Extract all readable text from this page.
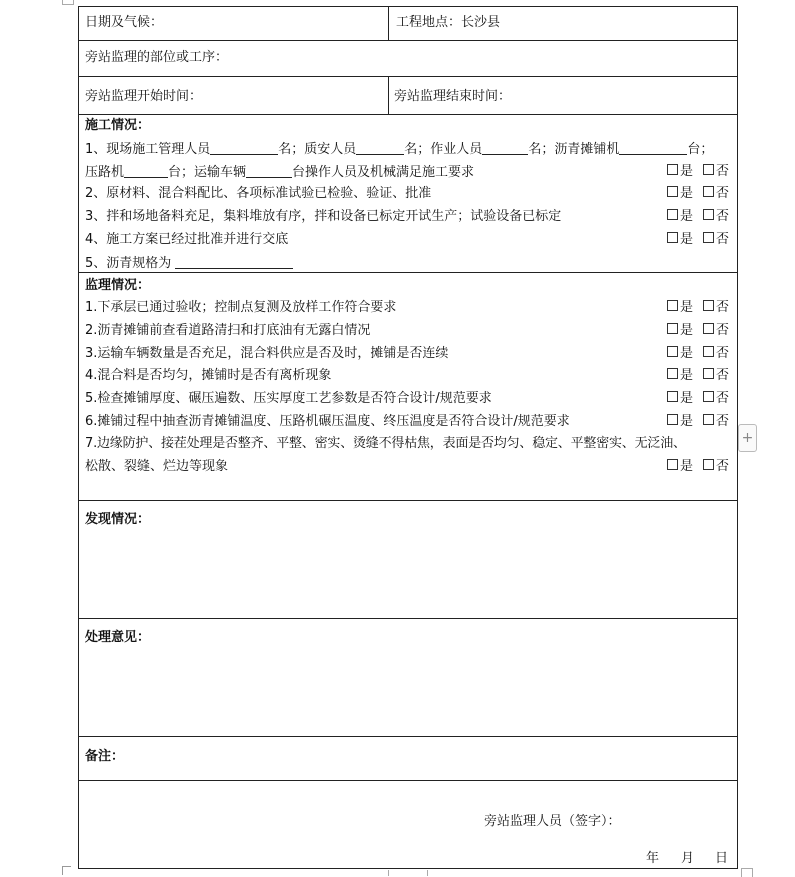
日期及气候：	工程地点：长沙县
旁站监理的部位或工序：
旁站监理开始时间：	旁站监理结束时间：
施工情况：
1、现场施工管理人员	名；质安人员	名；作业人员	名；沥青摊铺机	台；
压路机	台；运输车辆	台操作人员及机械满足施工要求	是 否
2、原材料、混合料配比、各项标准试验已检验、验证、批准	是 否
3、拌和场地备料充足，集料堆放有序，拌和设备已标定开试生产；试验设备已标定	是 否
4、施工方案已经过批准并进行交底	是 否
5、沥青规格为
监理情况：
1.下承层已通过验收；控制点复测及放样工作符合要求	是 否
2.沥青摊铺前查看道路清扫和打底油有无露白情况	是 否
3.运输车辆数量是否充足，混合料供应是否及时，摊铺是否连续	是 否
4.混合料是否均匀，摊铺时是否有离析现象	是 否
5.检查摊铺厚度、碾压遍数、压实厚度工艺参数是否符合设计/规范要求	是 否
6.摊铺过程中抽查沥青摊铺温度、压路机碾压温度、终压温度是否符合设计/规范要求	是 否
7.边缘防护、接茬处理是否整齐、平整、密实、烫缝不得枯焦，表面是否均匀、稳定、平整密实、无泛油、
松散、裂缝、烂边等现象	是 否
发现情况：
处理意见：
备注：
旁站监理人员（签字）：
年 月 日
+
